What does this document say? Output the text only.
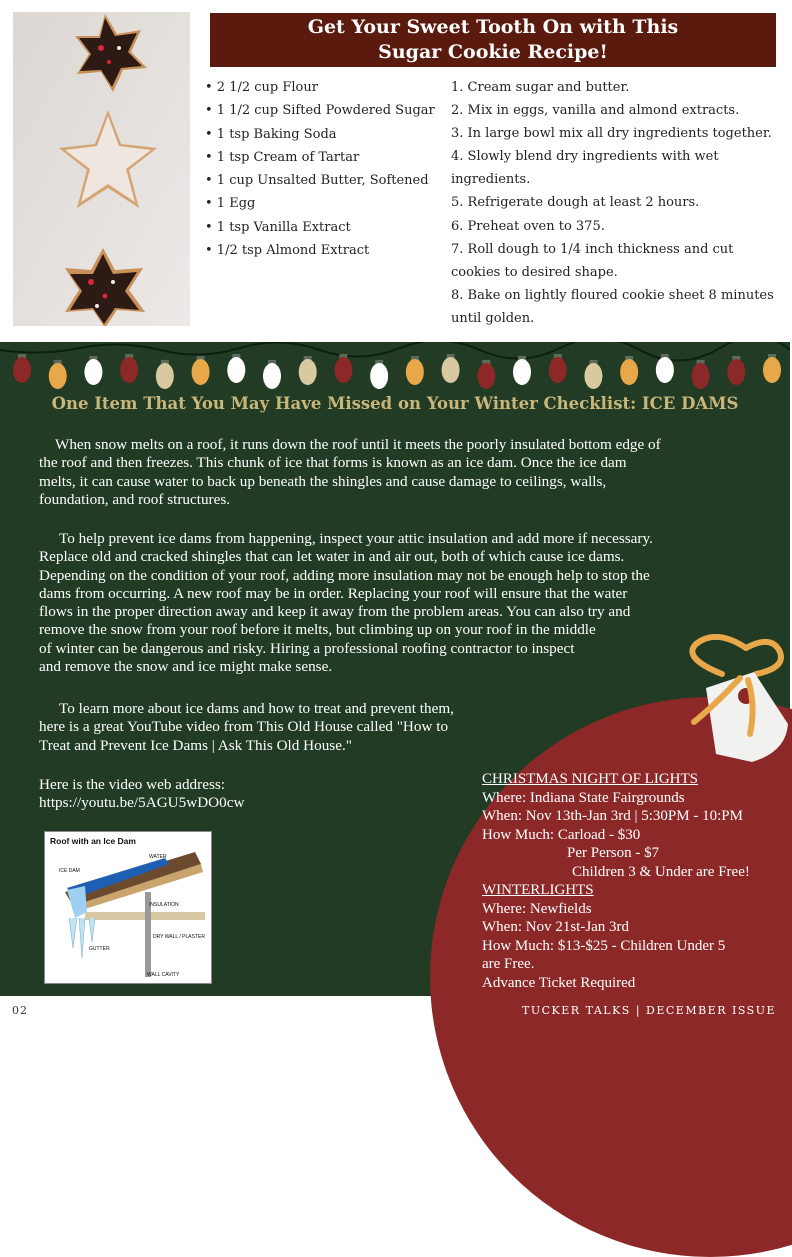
Get Your Sweet Tooth On with This
Sugar Cookie Recipe!
• 2 1/2 cup Flour
• 1 1/2 cup Sifted Powdered Sugar
• 1 tsp Baking Soda
• 1 tsp Cream of Tartar
• 1 cup Unsalted Butter, Softened
• 1 Egg
• 1 tsp Vanilla Extract
• 1/2 tsp Almond Extract
1. Cream sugar and butter.
2. Mix in eggs, vanilla and almond extracts.
3. In large bowl mix all dry ingredients together.
4. Slowly blend dry ingredients with wet
ingredients.
5. Refrigerate dough at least 2 hours.
6. Preheat oven to 375.
7. Roll dough to 1/4 inch thickness and cut
cookies to desired shape.
8. Bake on lightly floured cookie sheet 8 minutes
until golden.
One Item That You May Have Missed on Your Winter Checklist: ICE DAMS
When snow melts on a roof, it runs down the roof until it meets the poorly insulated bottom edge of
the roof and then freezes. This chunk of ice that forms is known as an ice dam. Once the ice dam
melts, it can cause water to back up beneath the shingles and cause damage to ceilings, walls,
foundation, and roof structures.
To help prevent ice dams from happening, inspect your attic insulation and add more if necessary.
Replace old and cracked shingles that can let water in and air out, both of which cause ice dams.
Depending on the condition of your roof, adding more insulation may not be enough help to stop the
dams from occurring. A new roof may be in order. Replacing your roof will ensure that the water
flows in the proper direction away and keep it away from the problem areas. You can also try and
remove the snow from your roof before it melts, but climbing up on your roof in the middle
of winter can be dangerous and risky. Hiring a professional roofing contractor to inspect
and remove the snow and ice might make sense.
To learn more about ice dams and how to treat and prevent them,
here is a great YouTube video from This Old House called "How to
Treat and Prevent Ice Dams | Ask This Old House."
Here is the video web address:
https://youtu.be/5AGU5wDO0cw
CHRISTMAS NIGHT OF LIGHTS
Where: Indiana State Fairgrounds
When: Nov 13th-Jan 3rd | 5:30PM - 10:PM
How Much: Carload - $30
Per Person - $7
Children 3 & Under are Free!
WINTERLIGHTS
Where: Newfields
When: Nov 21st-Jan 3rd
How Much: $13-$25 - Children Under 5
are Free.
Advance Ticket Required
Roof with an Ice Dam
WATER
ICE DAM
INSULATION
DRY WALL / PLASTER
GUTTER
WALL CAVITY
02	TUCKER TALKS | DECEMBER ISSUE
